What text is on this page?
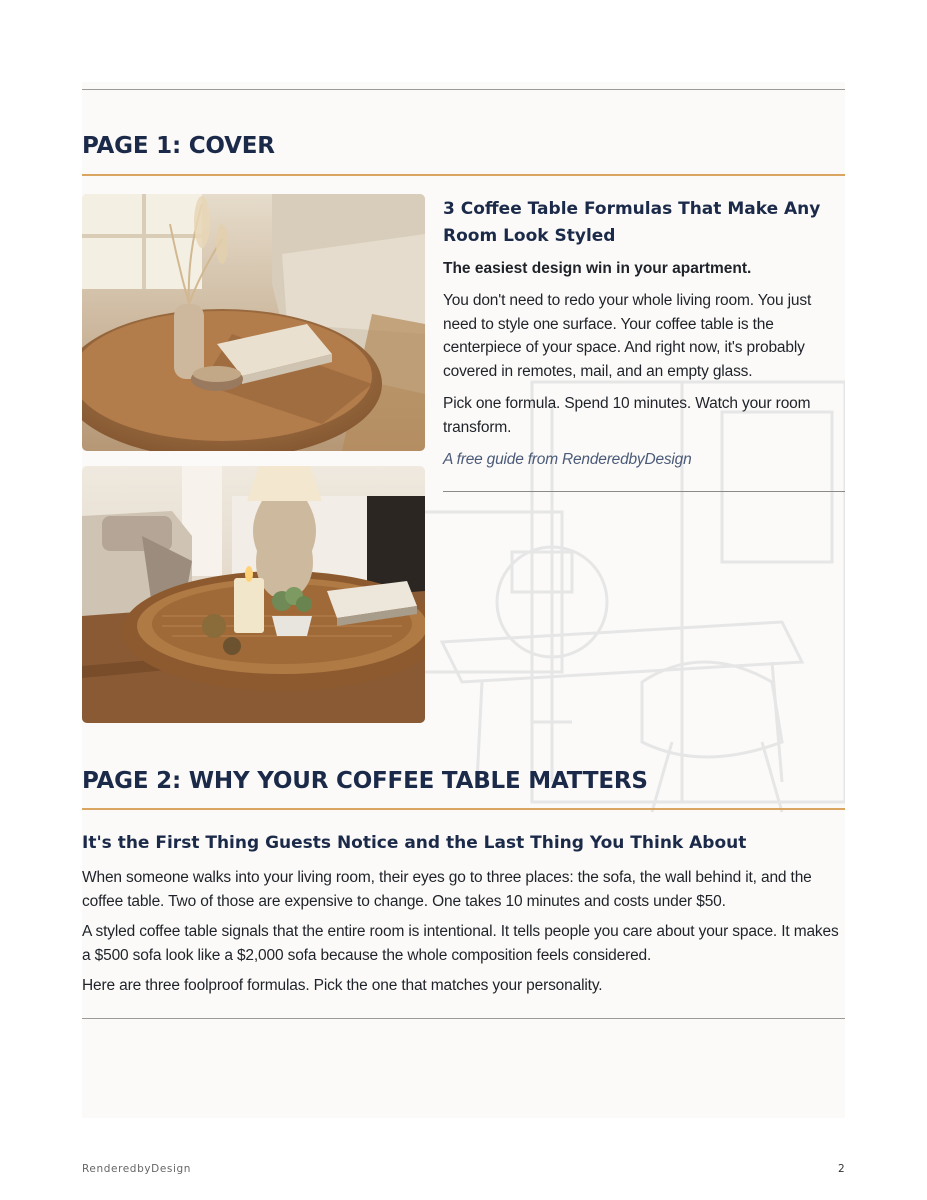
PAGE 1: COVER
3 Coffee Table Formulas That Make Any Room Look Styled

The easiest design win in your apartment.

You don't need to redo your whole living room. You just need to style one surface. Your coffee table is the centerpiece of your space. And right now, it's probably covered in remotes, mail, and an empty glass.

Pick one formula. Spend 10 minutes. Watch your room transform.

A free guide from RenderedbyDesign

PAGE 2: WHY YOUR COFFEE TABLE MATTERS
It's the First Thing Guests Notice and the Last Thing You Think About

When someone walks into your living room, their eyes go to three places: the sofa, the wall behind it, and the coffee table. Two of those are expensive to change. One takes 10 minutes and costs under $50.

A styled coffee table signals that the entire room is intentional. It tells people you care about your space. It makes a $500 sofa look like a $2,000 sofa because the whole composition feels considered.

Here are three foolproof formulas. Pick the one that matches your personality.

RenderedbyDesign	2
